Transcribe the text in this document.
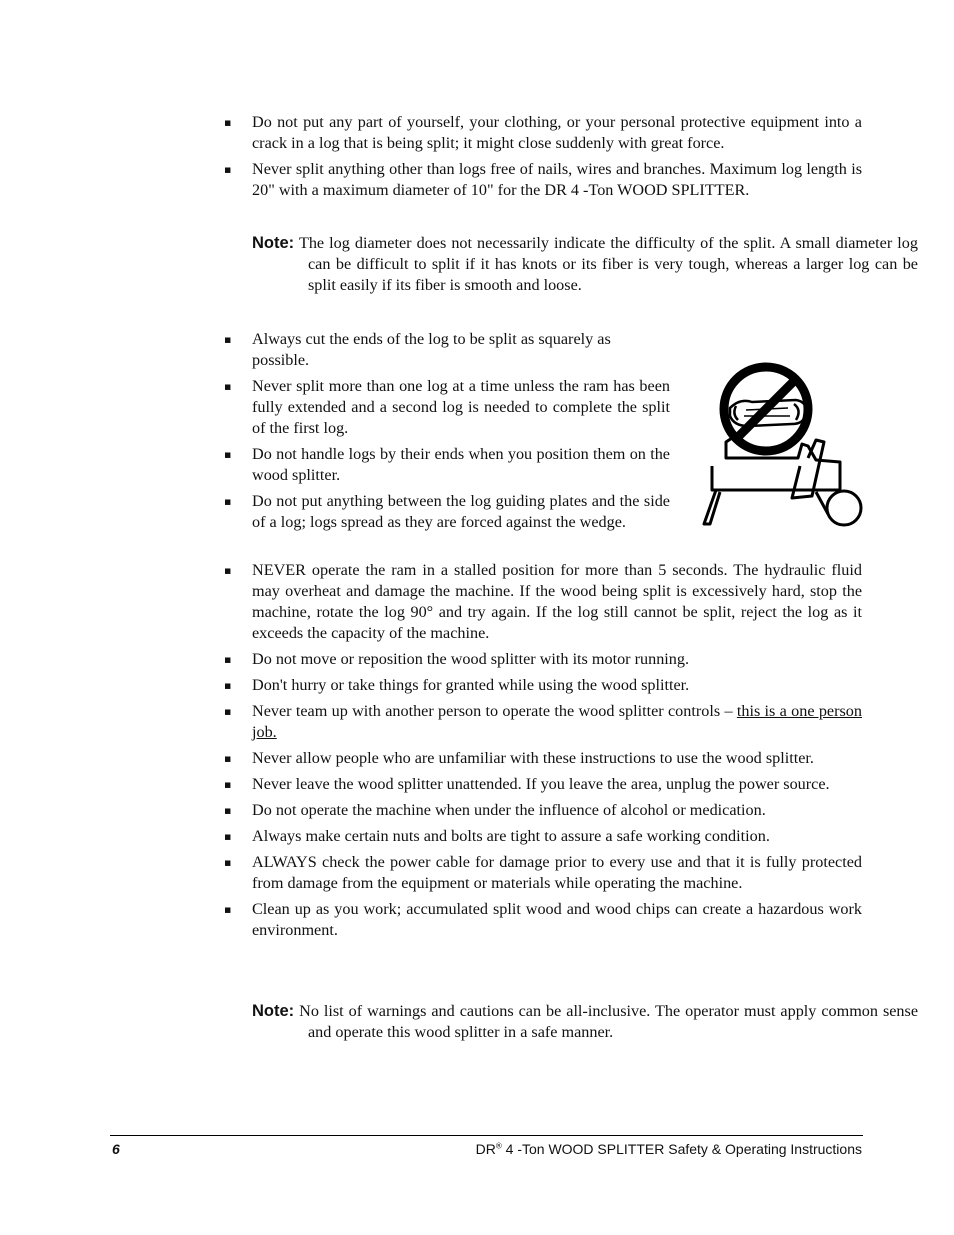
▪ Do not put any part of yourself, your clothing, or your personal protective equipment into a crack in a log that is being split; it might close suddenly with great force.
▪ Never split anything other than logs free of nails, wires and branches. Maximum log length is 20" with a maximum diameter of 10" for the DR 4 -Ton WOOD SPLITTER.
Note: The log diameter does not necessarily indicate the difficulty of the split. A small diameter log can be difficult to split if it has knots or its fiber is very tough, whereas a larger log can be split easily if its fiber is smooth and loose.
▪ Always cut the ends of the log to be split as squarely as possible.
▪ Never split more than one log at a time unless the ram has been fully extended and a second log is needed to complete the split of the first log.
▪ Do not handle logs by their ends when you position them on the wood splitter.
▪ Do not put anything between the log guiding plates and the side of a log; logs spread as they are forced against the wedge.
▪ NEVER operate the ram in a stalled position for more than 5 seconds. The hydraulic fluid may overheat and damage the machine. If the wood being split is excessively hard, stop the machine, rotate the log 90° and try again. If the log still cannot be split, reject the log as it exceeds the capacity of the machine.
▪ Do not move or reposition the wood splitter with its motor running.
▪ Don't hurry or take things for granted while using the wood splitter.
▪ Never team up with another person to operate the wood splitter controls – this is a one person job.
▪ Never allow people who are unfamiliar with these instructions to use the wood splitter.
▪ Never leave the wood splitter unattended. If you leave the area, unplug the power source.
▪ Do not operate the machine when under the influence of alcohol or medication.
▪ Always make certain nuts and bolts are tight to assure a safe working condition.
▪ ALWAYS check the power cable for damage prior to every use and that it is fully protected from damage from the equipment or materials while operating the machine.
▪ Clean up as you work; accumulated split wood and wood chips can create a hazardous work environment.
Note: No list of warnings and cautions can be all-inclusive. The operator must apply common sense and operate this wood splitter in a safe manner.
6	DR® 4 -Ton WOOD SPLITTER Safety & Operating Instructions
